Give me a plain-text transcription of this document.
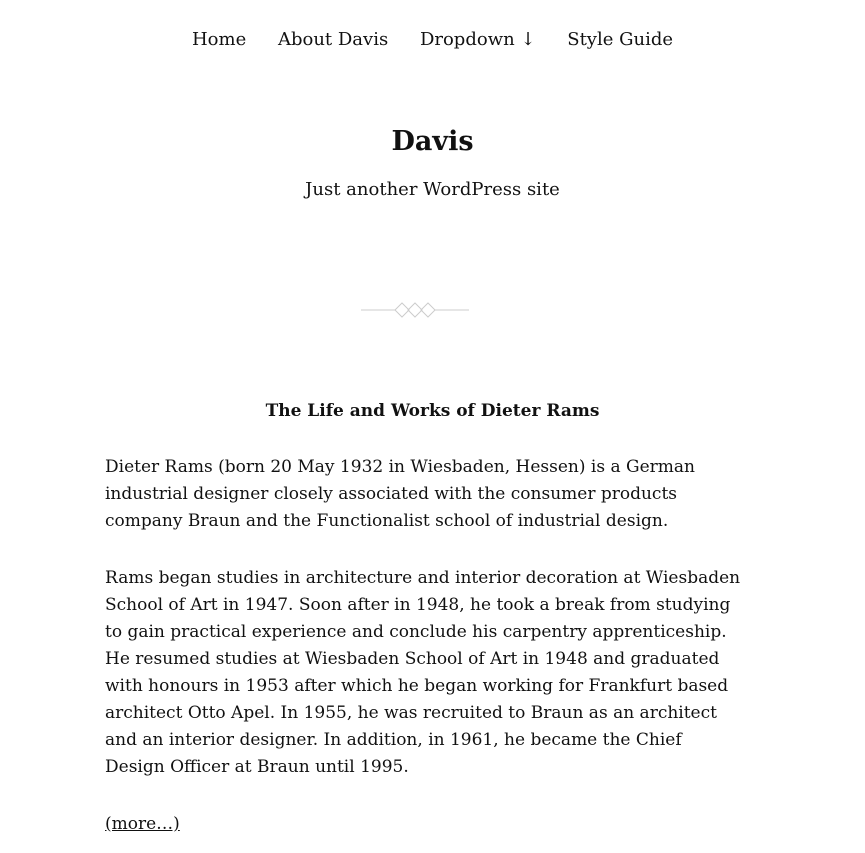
Home About Davis Dropdown ↓ Style Guide
Davis

Just another WordPress site

The Life and Works of Dieter Rams

Dieter Rams (born 20 May 1932 in Wiesbaden, Hessen) is a German industrial designer closely associated with the consumer products company Braun and the Functionalist school of industrial design.

Rams began studies in architecture and interior decoration at Wiesbaden School of Art in 1947. Soon after in 1948, he took a break from studying to gain practical experience and conclude his carpentry apprenticeship. He resumed studies at Wiesbaden School of Art in 1948 and graduated with honours in 1953 after which he began working for Frankfurt based architect Otto Apel. In 1955, he was recruited to Braun as an architect and an interior designer. In addition, in 1961, he became the Chief Design Officer at Braun until 1995.

(more…)
